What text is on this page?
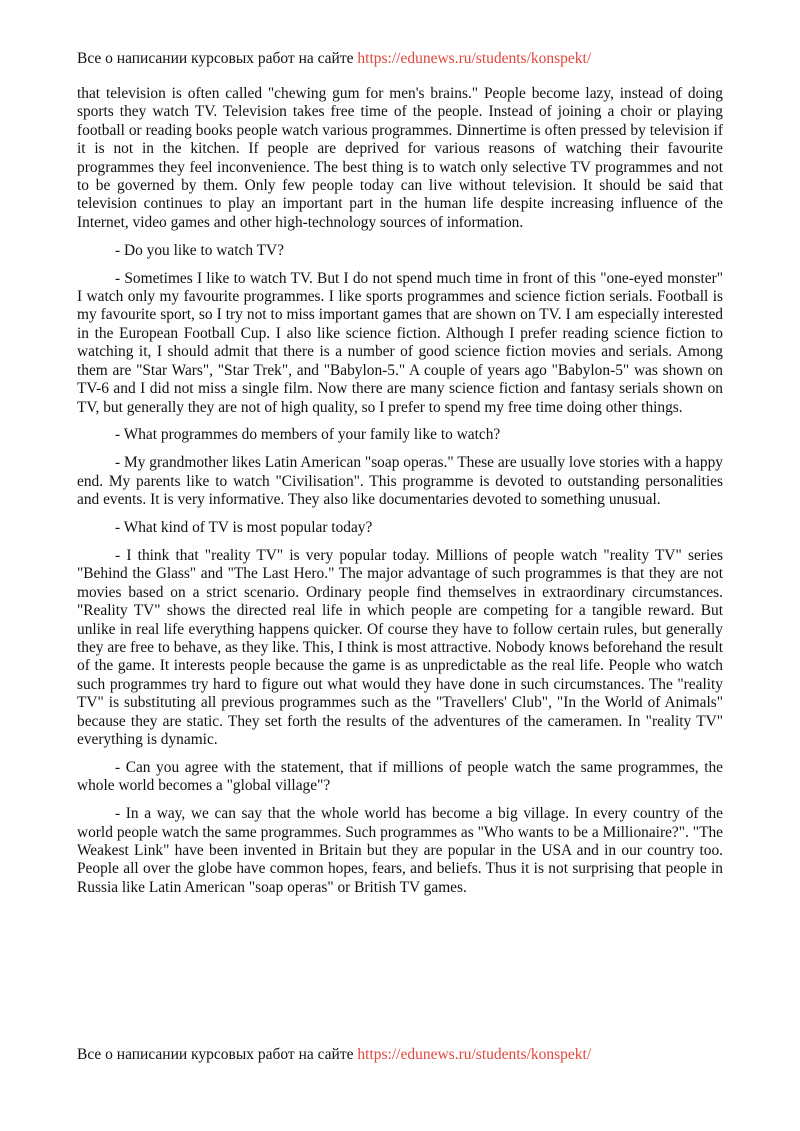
Все о написании курсовых работ на сайте https://edunews.ru/students/konspekt/

that television is often called "chewing gum for men's brains." People become lazy, instead of doing sports they watch TV. Television takes free time of the people. Instead of joining a choir or playing football or reading books people watch various programmes. Dinnertime is often pressed by television if it is not in the kitchen. If people are deprived for various reasons of watching their favourite programmes they feel inconvenience. The best thing is to watch only selective TV programmes and not to be governed by them. Only few people today can live without television. It should be said that television continues to play an important part in the human life despite increasing influence of the Internet, video games and other high-technology sources of information.

- Do you like to watch TV?

- Sometimes I like to watch TV. But I do not spend much time in front of this "one-eyed monster" I watch only my favourite programmes. I like sports programmes and science fiction serials. Football is my favourite sport, so I try not to miss important games that are shown on TV. I am especially interested in the European Football Cup. I also like science fiction. Although I prefer reading science fiction to watching it, I should admit that there is a number of good science fiction movies and serials. Among them are "Star Wars", "Star Trek", and "Babylon-5." A couple of years ago "Babylon-5" was shown on TV-6 and I did not miss a single film. Now there are many science fiction and fantasy serials shown on TV, but generally they are not of high quality, so I prefer to spend my free time doing other things.

- What programmes do members of your family like to watch?

- My grandmother likes Latin American "soap operas." These are usually love stories with a happy end. My parents like to watch "Civilisation". This programme is devoted to outstanding personalities and events. It is very informative. They also like documentaries devoted to something unusual.

- What kind of TV is most popular today?

- I think that "reality TV" is very popular today. Millions of people watch "reality TV" series "Behind the Glass" and "The Last Hero." The major advantage of such programmes is that they are not movies based on a strict scenario. Ordinary people find themselves in extraordinary circumstances. "Reality TV" shows the directed real life in which people are competing for a tangible reward. But unlike in real life everything happens quicker. Of course they have to follow certain rules, but generally they are free to behave, as they like. This, I think is most attractive. Nobody knows beforehand the result of the game. It interests people because the game is as unpredictable as the real life. People who watch such programmes try hard to figure out what would they have done in such circumstances. The "reality TV" is substituting all previous programmes such as the "Travellers' Club", "In the World of Animals" because they are static. They set forth the results of the adventures of the cameramen. In "reality TV" everything is dynamic.

- Can you agree with the statement, that if millions of people watch the same programmes, the whole world becomes a "global village"?

- In a way, we can say that the whole world has become a big village. In every country of the world people watch the same programmes. Such programmes as "Who wants to be a Millionaire?". "The Weakest Link" have been invented in Britain but they are popular in the USA and in our country too. People all over the globe have common hopes, fears, and beliefs. Thus it is not surprising that people in Russia like Latin American "soap operas" or British TV games.

Все о написании курсовых работ на сайте https://edunews.ru/students/konspekt/
